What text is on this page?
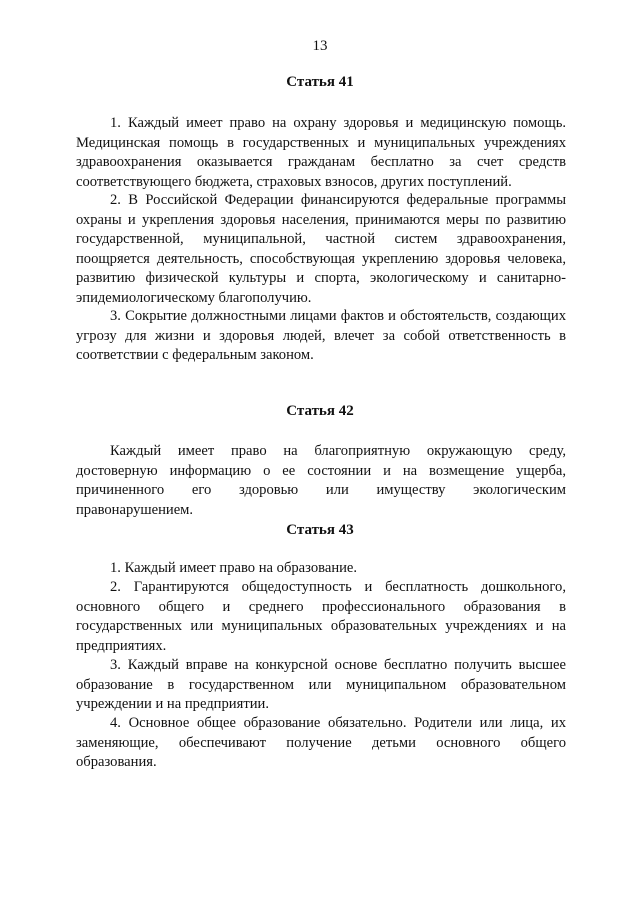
13
Статья 41

1. Каждый имеет право на охрану здоровья и медицинскую помощь. Медицинская помощь в государственных и муниципальных учреждениях здравоохранения оказывается гражданам бесплатно за счет средств соответствующего бюджета, страховых взносов, других поступлений.

2. В Российской Федерации финансируются федеральные программы охраны и укрепления здоровья населения, принимаются меры по развитию государственной, муниципальной, частной систем здравоохранения, поощряется деятельность, способствующая укреплению здоровья человека, развитию физической культуры и спорта, экологическому и санитарно-эпидемиологическому благополучию.

3. Сокрытие должностными лицами фактов и обстоятельств, создающих угрозу для жизни и здоровья людей, влечет за собой ответственность в соответствии с федеральным законом.

Статья 42

Каждый имеет право на благоприятную окружающую среду, достоверную информацию о ее состоянии и на возмещение ущерба, причиненного его здоровью или имуществу экологическим правонарушением.

Статья 43

1. Каждый имеет право на образование.

2. Гарантируются общедоступность и бесплатность дошкольного, основного общего и среднего профессионального образования в государственных или муниципальных образовательных учреждениях и на предприятиях.

3. Каждый вправе на конкурсной основе бесплатно получить высшее образование в государственном или муниципальном образовательном учреждении и на предприятии.

4. Основное общее образование обязательно. Родители или лица, их заменяющие, обеспечивают получение детьми основного общего образования.
